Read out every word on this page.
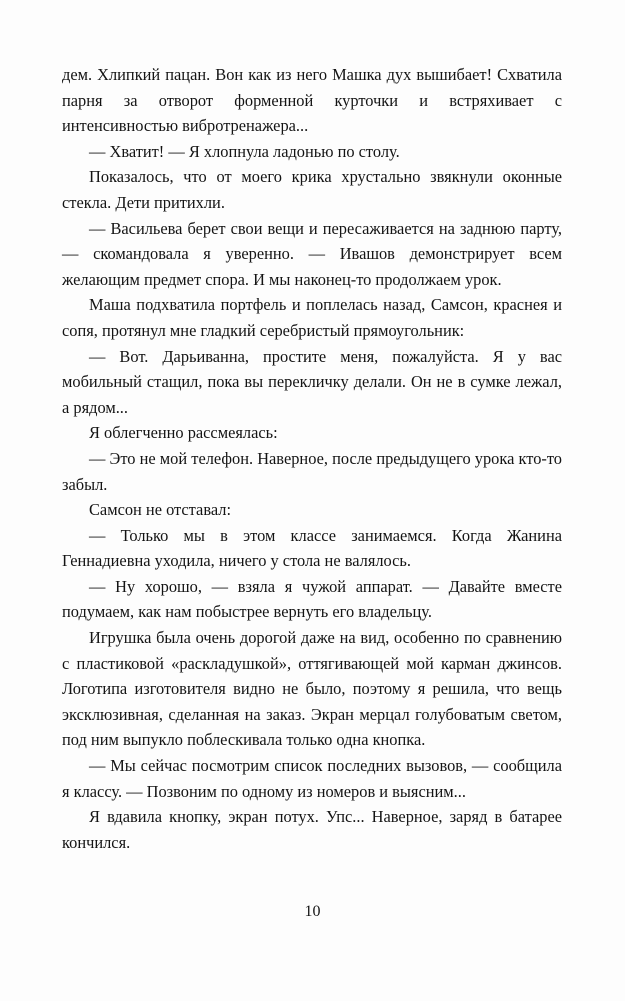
дем. Хлипкий пацан. Вон как из него Машка дух вышибает! Схватила парня за отворот форменной курточки и встряхивает с интенсивностью вибротренажера...

— Хватит! — Я хлопнула ладонью по столу.

Показалось, что от моего крика хрустально звякнули оконные стекла. Дети притихли.

— Васильева берет свои вещи и пересаживается на заднюю парту, — скомандовала я уверенно. — Ивашов демонстрирует всем желающим предмет спора. И мы наконец-то продолжаем урок.

Маша подхватила портфель и поплелась назад, Самсон, краснея и сопя, протянул мне гладкий серебристый прямоугольник:

— Вот. Дарьиванна, простите меня, пожалуйста. Я у вас мобильный стащил, пока вы перекличку делали. Он не в сумке лежал, а рядом...

Я облегченно рассмеялась:

— Это не мой телефон. Наверное, после предыдущего урока кто-то забыл.

Самсон не отставал:

— Только мы в этом классе занимаемся. Когда Жанина Геннадиевна уходила, ничего у стола не валялось.

— Ну хорошо, — взяла я чужой аппарат. — Давайте вместе подумаем, как нам побыстрее вернуть его владельцу.

Игрушка была очень дорогой даже на вид, особенно по сравнению с пластиковой «раскладушкой», оттягивающей мой карман джинсов. Логотипа изготовителя видно не было, поэтому я решила, что вещь эксклюзивная, сделанная на заказ. Экран мерцал голубоватым светом, под ним выпукло поблескивала только одна кнопка.

— Мы сейчас посмотрим список последних вызовов, — сообщила я классу. — Позвоним по одному из номеров и выясним...

Я вдавила кнопку, экран потух. Упс... Наверное, заряд в батарее кончился.

10
